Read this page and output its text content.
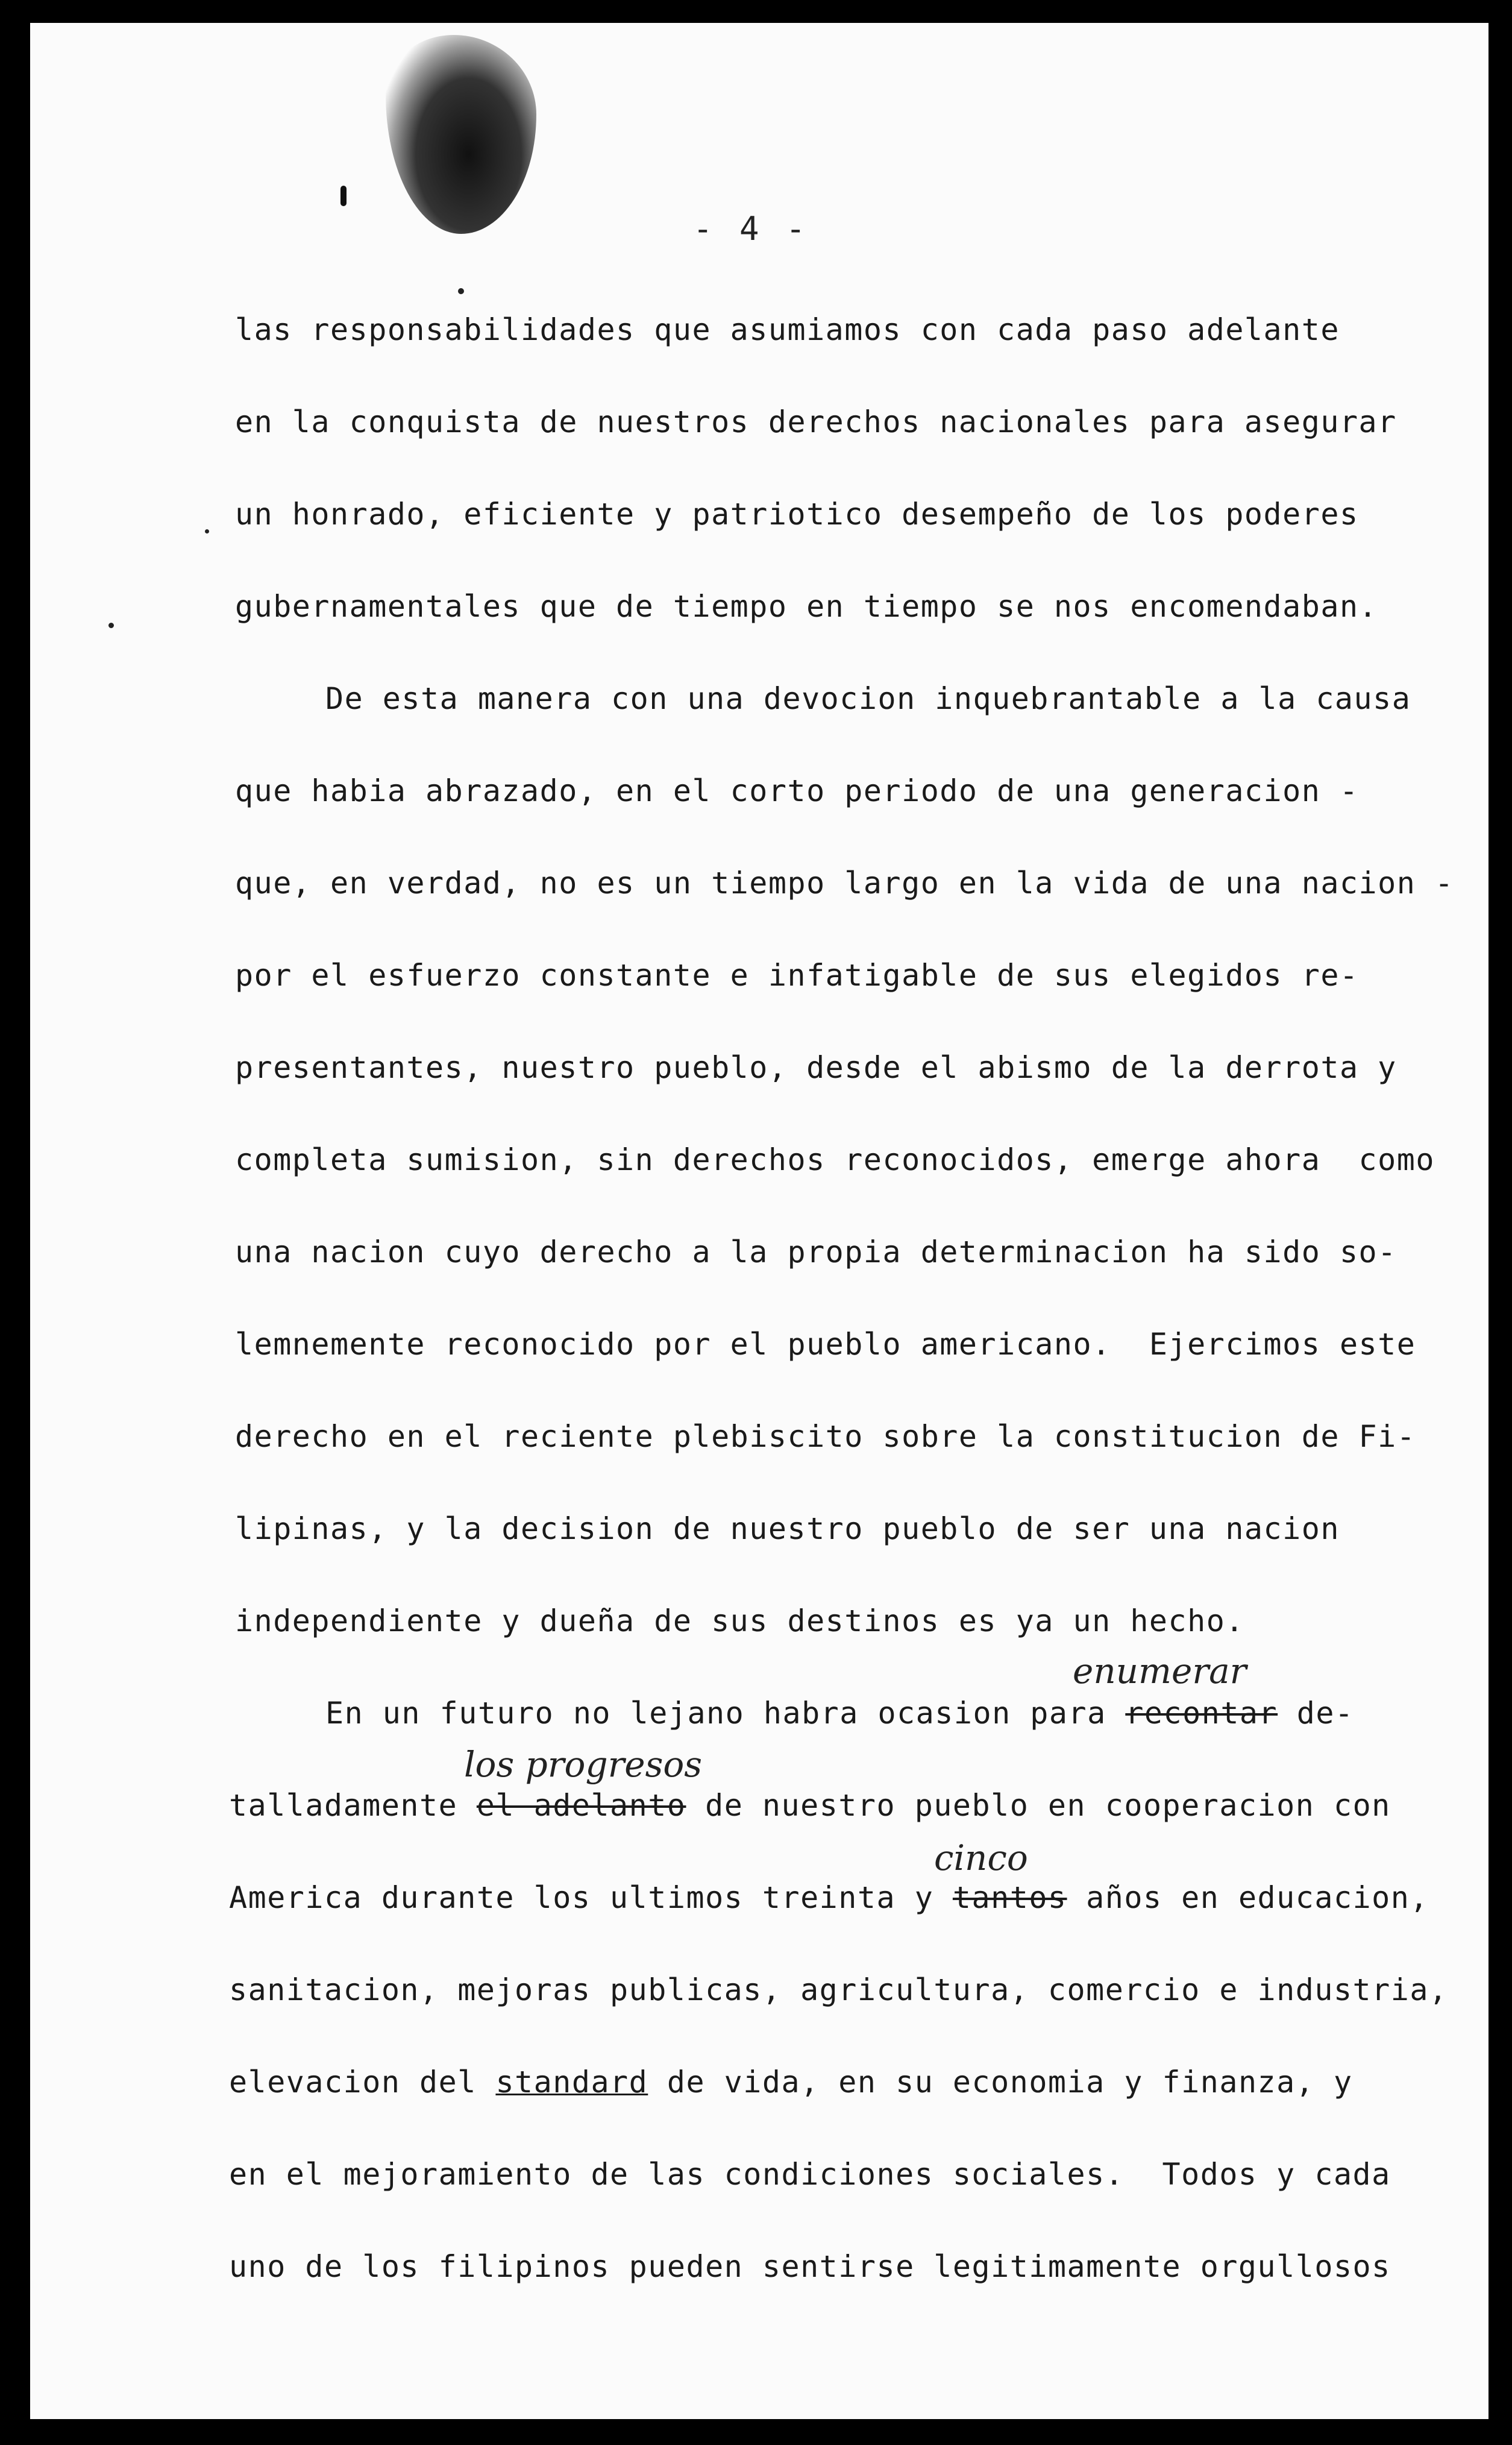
- 4 -
las responsabilidades que asumiamos con cada paso adelante
en la conquista de nuestros derechos nacionales para asegurar
un honrado, eficiente y patriotico desempeño de los poderes
gubernamentales que de tiempo en tiempo se nos encomendaban.
De esta manera con una devocion inquebrantable a la causa
que habia abrazado, en el corto periodo de una generacion -
que, en verdad, no es un tiempo largo en la vida de una nacion -
por el esfuerzo constante e infatigable de sus elegidos re-
presentantes, nuestro pueblo, desde el abismo de la derrota y
completa sumision, sin derechos reconocidos, emerge ahora  como
una nacion cuyo derecho a la propia determinacion ha sido so-
lemnemente reconocido por el pueblo americano.  Ejercimos este
derecho en el reciente plebiscito sobre la constitucion de Fi-
lipinas, y la decision de nuestro pueblo de ser una nacion
independiente y dueña de sus destinos es ya un hecho.
enumerar
En un futuro no lejano habra ocasion para recontar de-
los progresos
talladamente el adelanto de nuestro pueblo en cooperacion con
cinco
America durante los ultimos treinta y tantos años en educacion,
sanitacion, mejoras publicas, agricultura, comercio e industria,
elevacion del standard de vida, en su economia y finanza, y
en el mejoramiento de las condiciones sociales.  Todos y cada
uno de los filipinos pueden sentirse legitimamente orgullosos
